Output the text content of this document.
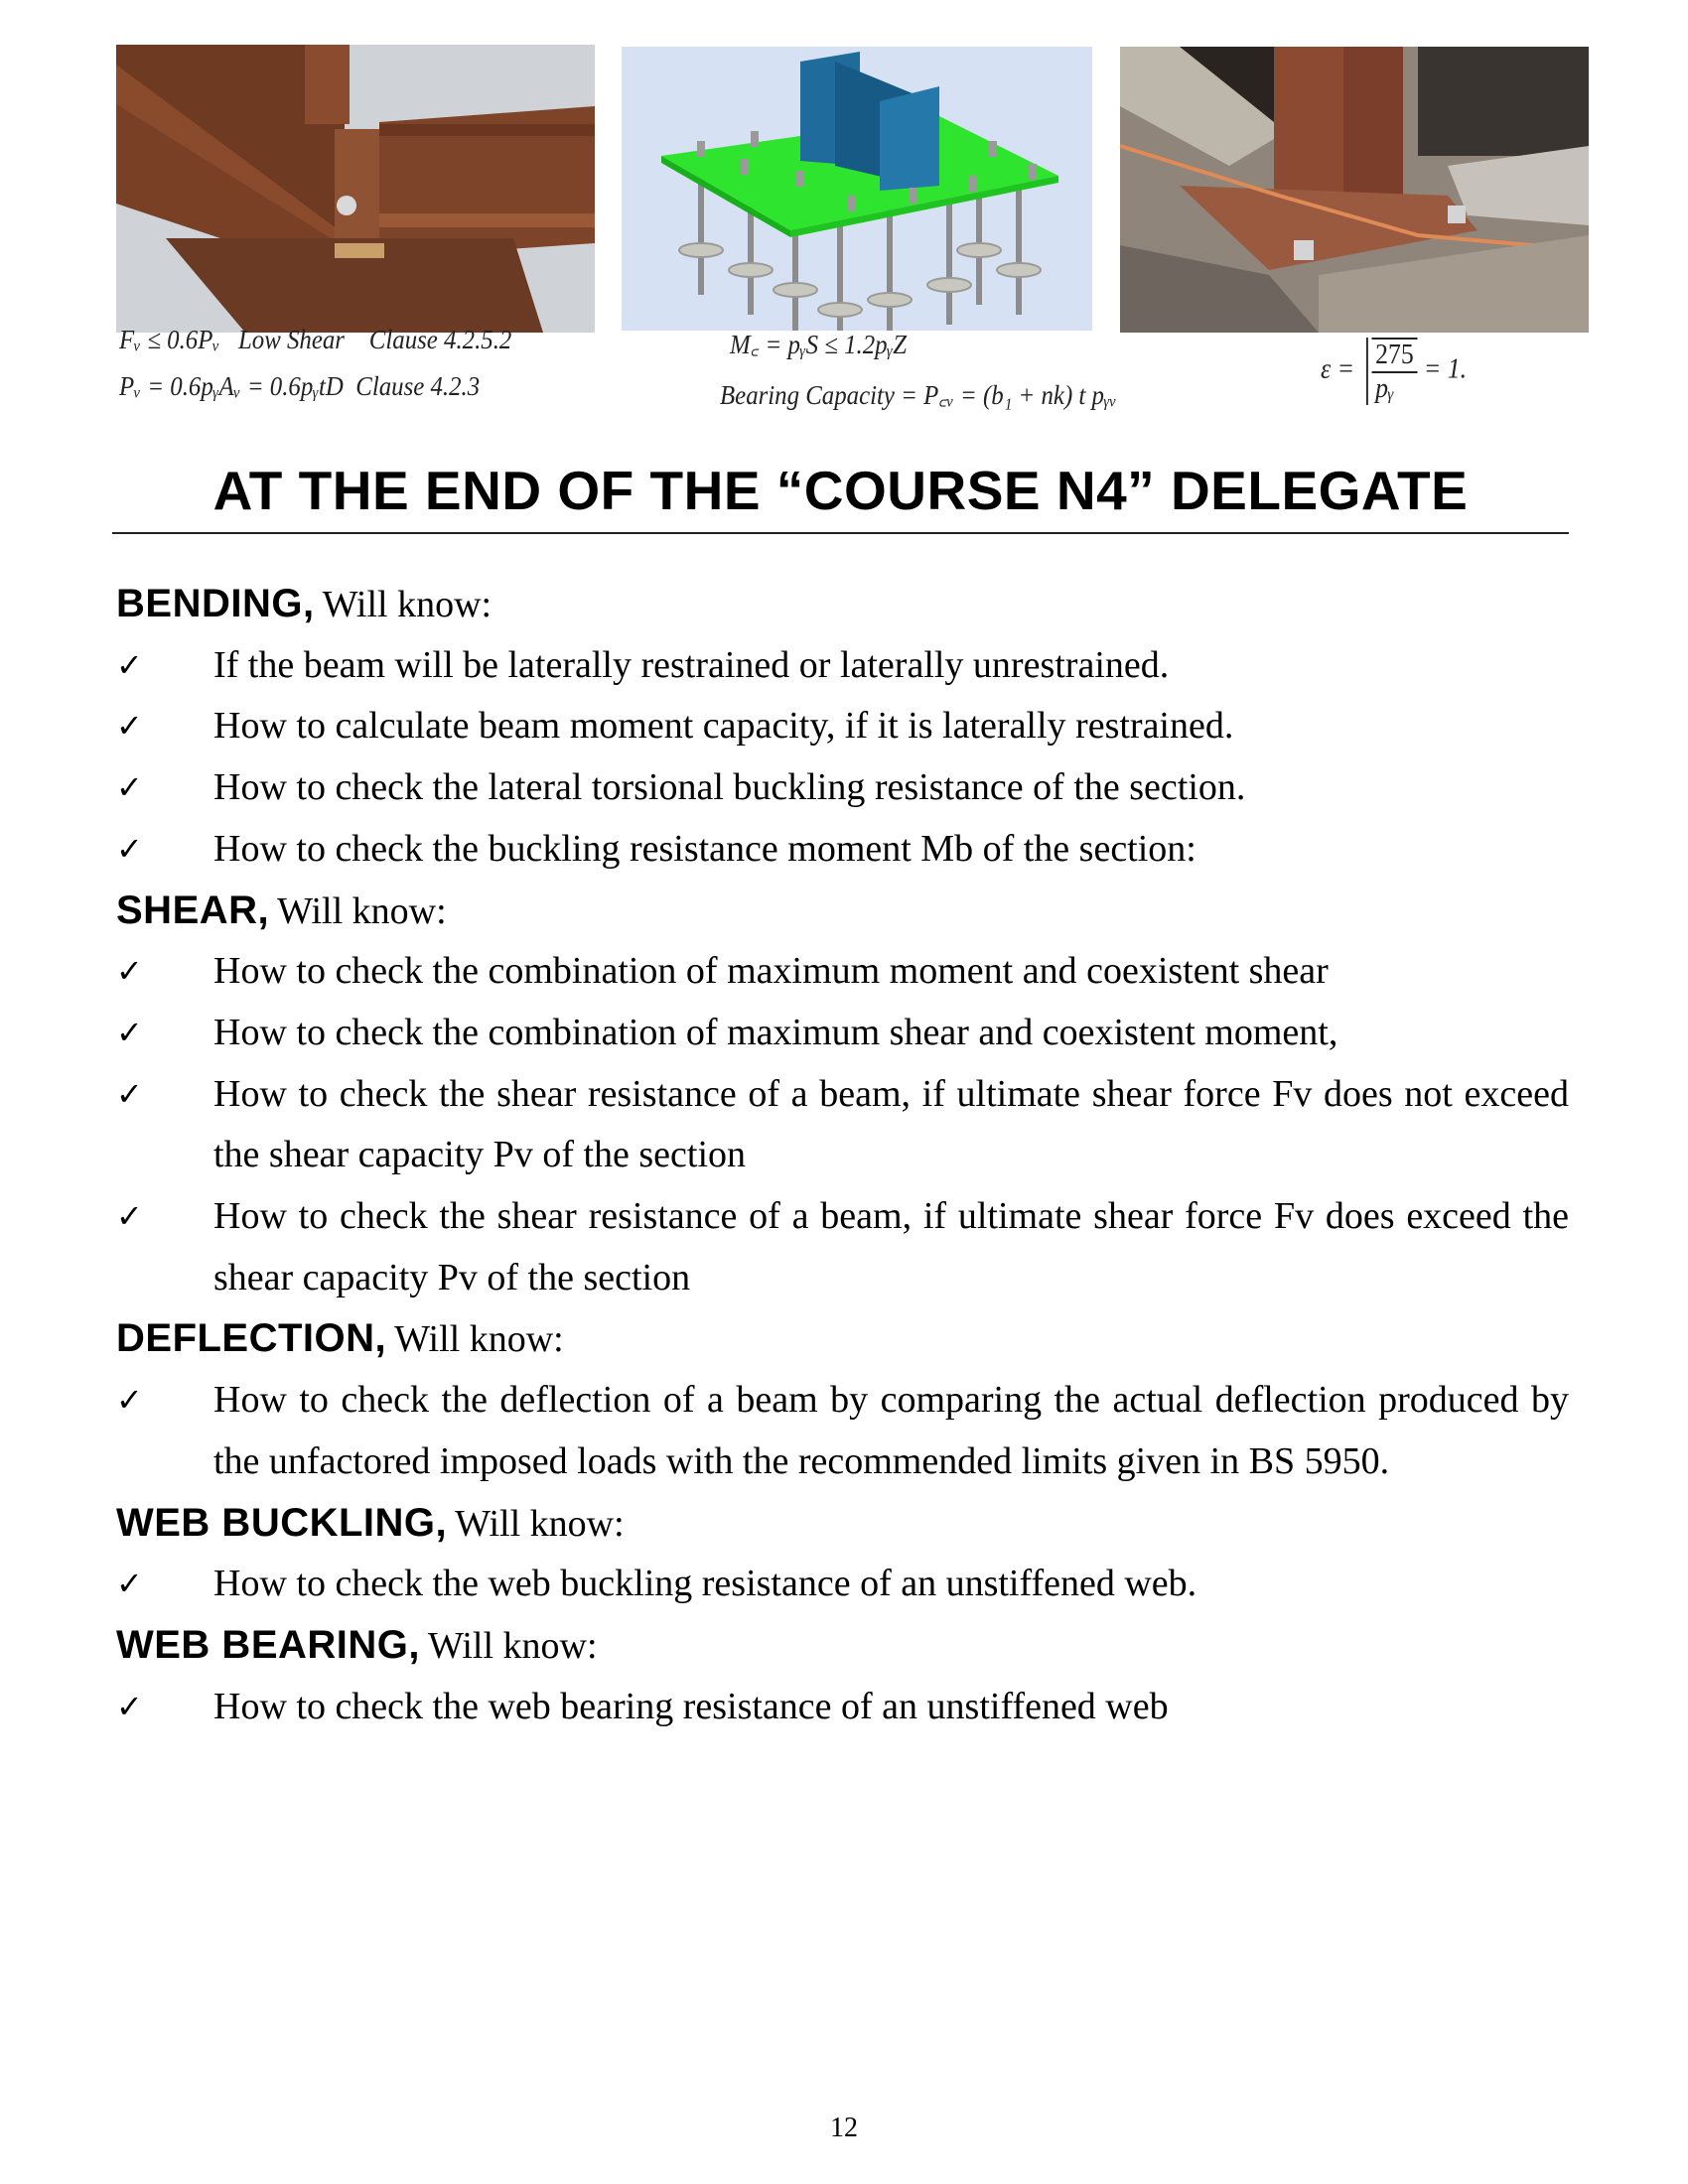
Fᵥ ≤ 0.6Pᵥ Low Shear Clause 4.2.5.2	M꜀ = pᵧS ≤ 1.2pᵧZ
Pᵥ = 0.6pᵧAᵥ = 0.6pᵧtD Clause 4.2.3	Bearing Capacity = P꜀ᵥ = (b₁ + nk) t pᵧᵥ
$\varepsilon = \frac{275}{\text{pᵧ}} = 1$.
AT THE END OF THE “COURSE N4” DELEGATE
BENDING, Will know:
✓	If the beam will be laterally restrained or laterally unrestrained.
✓	How to calculate beam moment capacity, if it is laterally restrained.
✓	How to check the lateral torsional buckling resistance of the section.
✓	How to check the buckling resistance moment Mb of the section:
SHEAR, Will know:
✓	How to check the combination of maximum moment and coexistent shear
✓	How to check the combination of maximum shear and coexistent moment,
✓	How to check the shear resistance of a beam, if ultimate shear force Fv does not exceed the shear capacity Pv of the section
✓	How to check the shear resistance of a beam, if ultimate shear force Fv does exceed the shear capacity Pv of the section
DEFLECTION, Will know:
✓	How to check the deflection of a beam by comparing the actual deflection produced by the unfactored imposed loads with the recommended limits given in BS 5950.
WEB BUCKLING, Will know:
✓	How to check the web buckling resistance of an unstiffened web.
WEB BEARING, Will know:
✓	How to check the web bearing resistance of an unstiffened web
12
